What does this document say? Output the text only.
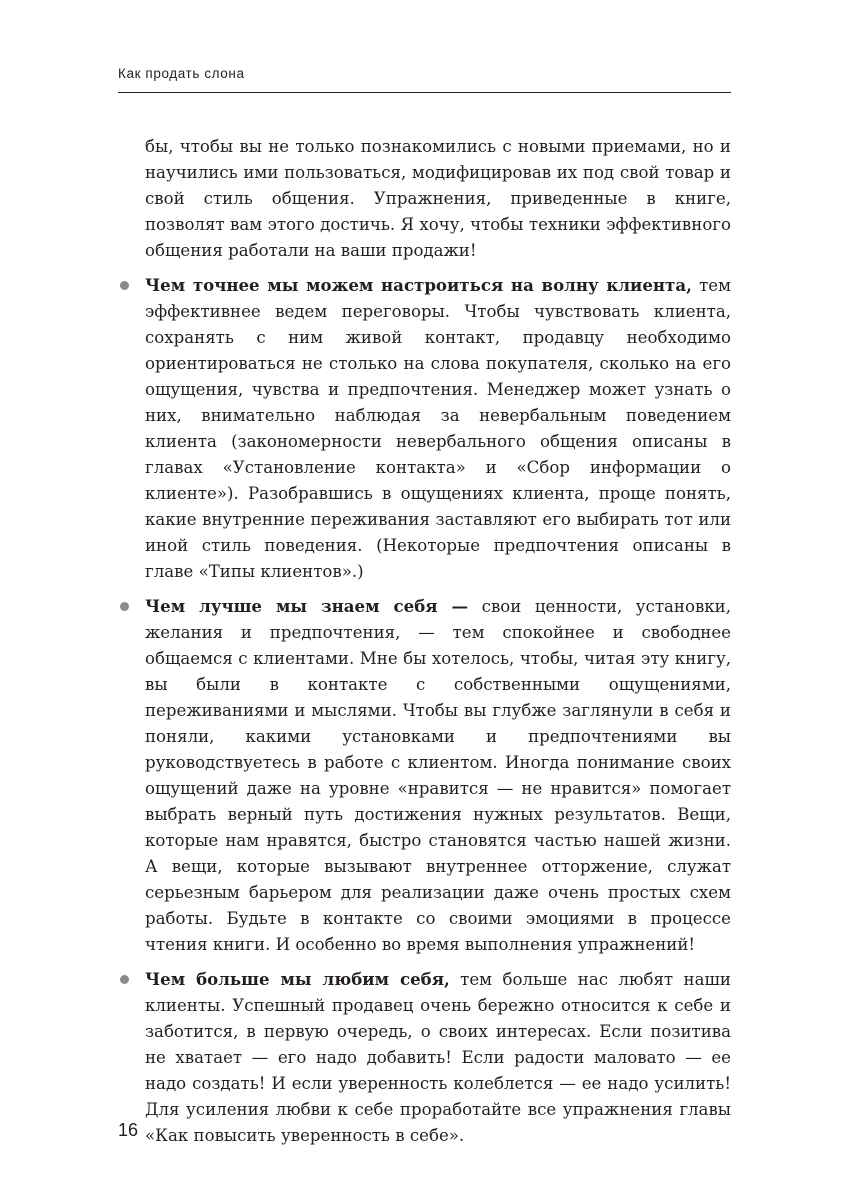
Как продать слона

бы, чтобы вы не только познакомились с новыми приемами, но и научились ими пользоваться, модифицировав их под свой товар и свой стиль общения. Упражнения, приведенные в книге, позволят вам этого достичь. Я хочу, чтобы техники эффективного общения работали на ваши продажи!

Чем точнее мы можем настроиться на волну клиента, тем эффективнее ведем переговоры. Чтобы чувствовать клиента, сохранять с ним живой контакт, продавцу необходимо ориентироваться не столько на слова покупателя, сколько на его ощущения, чувства и предпочтения. Менеджер может узнать о них, внимательно наблюдая за невербальным поведением клиента (закономерности невербального общения описаны в главах «Установление контакта» и «Сбор информации о клиенте»). Разобравшись в ощущениях клиента, проще понять, какие внутренние переживания заставляют его выбирать тот или иной стиль поведения. (Некоторые предпочтения описаны в главе «Типы клиентов».)
Чем лучше мы знаем себя — свои ценности, установки, желания и предпочтения, — тем спокойнее и свободнее общаемся с клиентами. Мне бы хотелось, чтобы, читая эту книгу, вы были в контакте с собственными ощущениями, переживаниями и мыслями. Чтобы вы глубже заглянули в себя и поняли, какими установками и предпочтениями вы руководствуетесь в работе с клиентом. Иногда понимание своих ощущений даже на уровне «нравится — не нравится» помогает выбрать верный путь достижения нужных результатов. Вещи, которые нам нравятся, быстро становятся частью нашей жизни. А вещи, которые вызывают внутреннее отторжение, служат серьезным барьером для реализации даже очень простых схем работы. Будьте в контакте со своими эмоциями в процессе чтения книги. И особенно во время выполнения упражнений!
Чем больше мы любим себя, тем больше нас любят наши клиенты. Успешный продавец очень бережно относится к себе и заботится, в первую очередь, о своих интересах. Если позитива не хватает — его надо добавить! Если радости маловато — ее надо создать! И если уверенность колеблется — ее надо усилить! Для усиления любви к себе проработайте все упражнения главы «Как повысить уверенность в себе».
16
